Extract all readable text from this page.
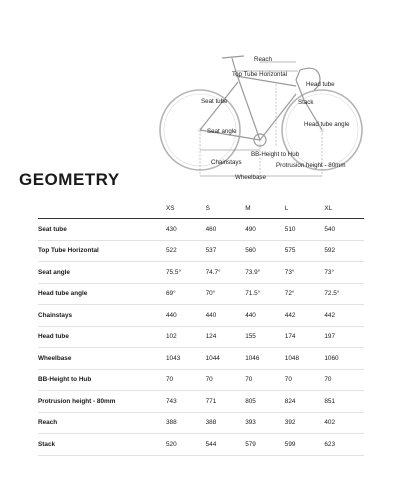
Reach
Top Tube Horizontal
Head tube
Seat tube	Stack
Head tube angle
Seat angle
BB-Height to Hub
Chainstays	Protrusion height - 80mm
Wheelbase
GEOMETRY
	XS	S	M	L	XL
Seat tube	430	460	490	510	540
Top Tube Horizontal	522	537	560	575	592
Seat angle	75.5°	74.7°	73.9°	73°	73°
Head tube angle	69°	70°	71.5°	72°	72.5°
Chainstays	440	440	440	442	442
Head tube	102	124	155	174	197
Wheelbase	1043	1044	1046	1048	1060
BB-Height to Hub	70	70	70	70	70
Protrusion height - 80mm	743	771	805	824	851
Reach	388	388	393	392	402
Stack	520	544	579	599	623
